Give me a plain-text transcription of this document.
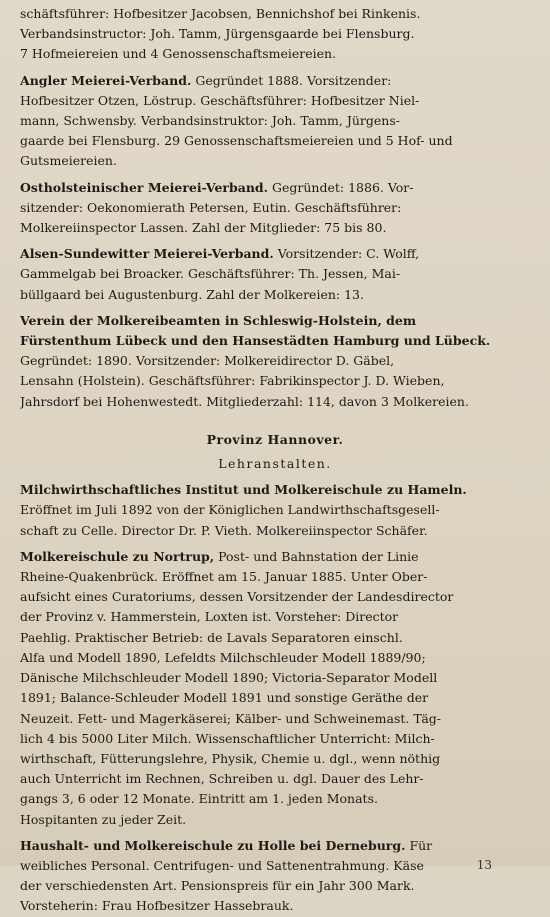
schäftsführer: Hofbesitzer Jacobsen, Bennichshof bei Rinkenis.
Verbandsinstructor: Joh. Tamm, Jürgensgaarde bei Flensburg.
7 Hofmeiereien und 4 Genossenschaftsmeiereien.

Angler Meierei-Verband. Gegründet 1888. Vorsitzender:
Hofbesitzer Otzen, Löstrup. Geschäftsführer: Hofbesitzer Niel-
mann, Schwensby. Verbandsinstruktor: Joh. Tamm, Jürgens-
gaarde bei Flensburg. 29 Genossenschaftsmeiereien und 5 Hof- und
Gutsmeiereien.

Ostholsteinischer Meierei-Verband. Gegründet: 1886. Vor-
sitzender: Oekonomierath Petersen, Eutin. Geschäftsführer:
Molkereiinspector Lassen. Zahl der Mitglieder: 75 bis 80.

Alsen-Sundewitter Meierei-Verband. Vorsitzender: C. Wolff,
Gammelgab bei Broacker. Geschäftsführer: Th. Jessen, Mai-
büllgaard bei Augustenburg. Zahl der Molkereien: 13.

Verein der Molkereibeamten in Schleswig-Holstein, dem
Fürstenthum Lübeck und den Hansestädten Hamburg und Lübeck.
Gegründet: 1890. Vorsitzender: Molkereidirector D. Gäbel,
Lensahn (Holstein). Geschäftsführer: Fabrikinspector J. D. Wieben,
Jahrsdorf bei Hohenwestedt. Mitgliederzahl: 114, davon 3 Molkereien.

Provinz Hannover.
Lehranstalten.

Milchwirthschaftliches Institut und Molkereischule zu Hameln.
Eröffnet im Juli 1892 von der Königlichen Landwirthschaftsgesell-
schaft zu Celle. Director Dr. P. Vieth. Molkereiinspector Schäfer.

Molkereischule zu Nortrup, Post- und Bahnstation der Linie
Rheine-Quakenbrück. Eröffnet am 15. Januar 1885. Unter Ober-
aufsicht eines Curatoriums, dessen Vorsitzender der Landesdirector
der Provinz v. Hammerstein, Loxten ist. Vorsteher: Director
Paehlig. Praktischer Betrieb: de Lavals Separatoren einschl.
Alfa und Modell 1890, Lefeldts Milchschleuder Modell 1889/90;
Dänische Milchschleuder Modell 1890; Victoria-Separator Modell
1891; Balance-Schleuder Modell 1891 und sonstige Geräthe der
Neuzeit. Fett- und Magerkäserei; Kälber- und Schweinemast. Täg-
lich 4 bis 5000 Liter Milch. Wissenschaftlicher Unterricht: Milch-
wirthschaft, Fütterungslehre, Physik, Chemie u. dgl., wenn nöthig
auch Unterricht im Rechnen, Schreiben u. dgl. Dauer des Lehr-
gangs 3, 6 oder 12 Monate. Eintritt am 1. jeden Monats.
Hospitanten zu jeder Zeit.

Haushalt- und Molkereischule zu Holle bei Derneburg. Für
weibliches Personal. Centrifugen- und Sattenentrahmung. Käse
der verschiedensten Art. Pensionspreis für ein Jahr 300 Mark.
Vorsteherin: Frau Hofbesitzer Hassebrauk.

13
